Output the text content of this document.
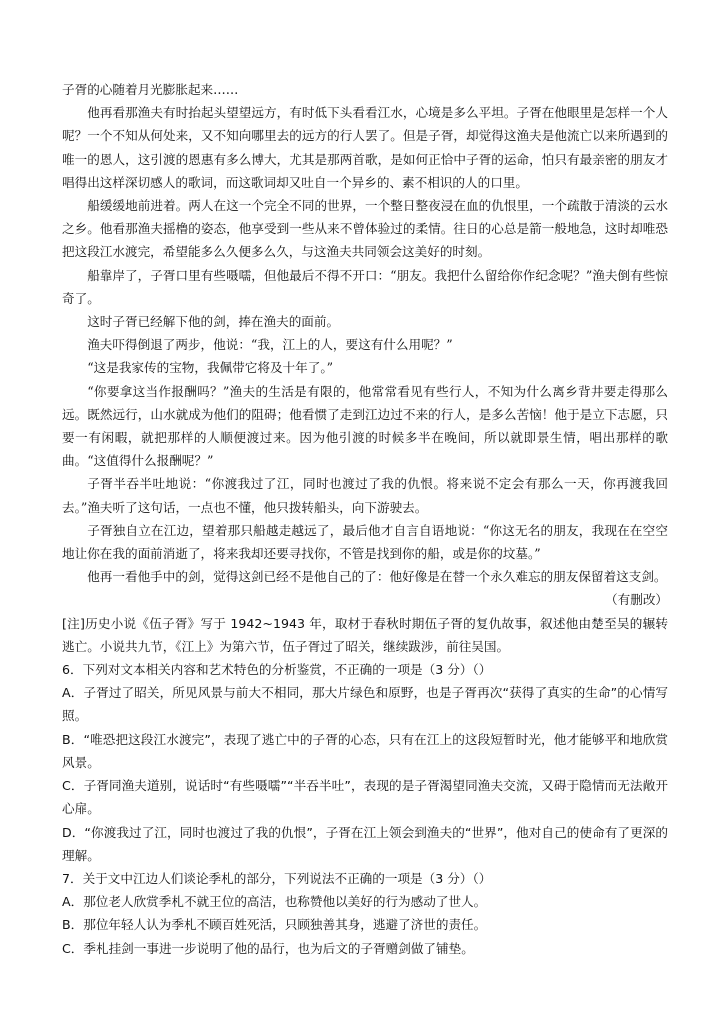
子胥的心随着月光膨胀起来……

他再看那渔夫有时抬起头望望远方，有时低下头看看江水，心境是多么平坦。子胥在他眼里是怎样一个人呢？一个不知从何处来，又不知向哪里去的远方的行人罢了。但是子胥，却觉得这渔夫是他流亡以来所遇到的唯一的恩人，这引渡的恩惠有多么博大，尤其是那两首歌，是如何正恰中子胥的运命，怕只有最亲密的朋友才唱得出这样深切感人的歌词，而这歌词却又吐自一个异乡的、素不相识的人的口里。

船缓缓地前进着。两人在这一个完全不同的世界，一个整日整夜浸在血的仇恨里，一个疏散于清淡的云水之乡。他看那渔夫摇橹的姿态，他享受到一些从来不曾体验过的柔情。往日的心总是箭一般地急，这时却唯恐把这段江水渡完，希望能多么久便多么久，与这渔夫共同领会这美好的时刻。

船靠岸了，子胥口里有些嗫嚅，但他最后不得不开口：“朋友。我把什么留给你作纪念呢？”渔夫倒有些惊奇了。

这时子胥已经解下他的剑，捧在渔夫的面前。

渔夫吓得倒退了两步，他说：“我，江上的人，要这有什么用呢？”

“这是我家传的宝物，我佩带它将及十年了。”

“你要拿这当作报酬吗？”渔夫的生活是有限的，他常常看见有些行人，不知为什么离乡背井要走得那么远。既然远行，山水就成为他们的阻碍；他看惯了走到江边过不来的行人，是多么苦恼！他于是立下志愿，只要一有闲暇，就把那样的人顺便渡过来。因为他引渡的时候多半在晚间，所以就即景生情，唱出那样的歌曲。“这值得什么报酬呢？”

子胥半吞半吐地说：“你渡我过了江，同时也渡过了我的仇恨。将来说不定会有那么一天，你再渡我回去。”渔夫听了这句话，一点也不懂，他只拨转船头，向下游驶去。

子胥独自立在江边，望着那只船越走越远了，最后他才自言自语地说：“你这无名的朋友，我现在在空空地让你在我的面前消逝了，将来我却还要寻找你，不管是找到你的船，或是你的坟墓。”

他再一看他手中的剑，觉得这剑已经不是他自己的了：他好像是在替一个永久难忘的朋友保留着这支剑。

（有删改）

[注]历史小说《伍子胥》写于 1942~1943 年，取材于春秋时期伍子胥的复仇故事，叙述他由楚至吴的辗转逃亡。小说共九节，《江上》为第六节，伍子胥过了昭关，继续跋涉，前往吴国。

6．下列对文本相关内容和艺术特色的分析鉴赏，不正确的一项是（3 分）（）

A．子胥过了昭关，所见风景与前大不相同，那大片绿色和原野，也是子胥再次“获得了真实的生命”的心情写照。

B．“唯恐把这段江水渡完”，表现了逃亡中的子胥的心态，只有在江上的这段短暂时光，他才能够平和地欣赏风景。

C．子胥同渔夫道别，说话时“有些嗫嚅”“半吞半吐”，表现的是子胥渴望同渔夫交流，又碍于隐情而无法敞开心扉。

D．“你渡我过了江，同时也渡过了我的仇恨”，子胥在江上领会到渔夫的“世界”，他对自己的使命有了更深的理解。

7．关于文中江边人们谈论季札的部分，下列说法不正确的一项是（3 分）（）

A．那位老人欣赏季札不就王位的高洁，也称赞他以美好的行为感动了世人。

B．那位年轻人认为季札不顾百姓死活，只顾独善其身，逃避了济世的责任。

C．季札挂剑一事进一步说明了他的品行，也为后文的子胥赠剑做了铺垫。
